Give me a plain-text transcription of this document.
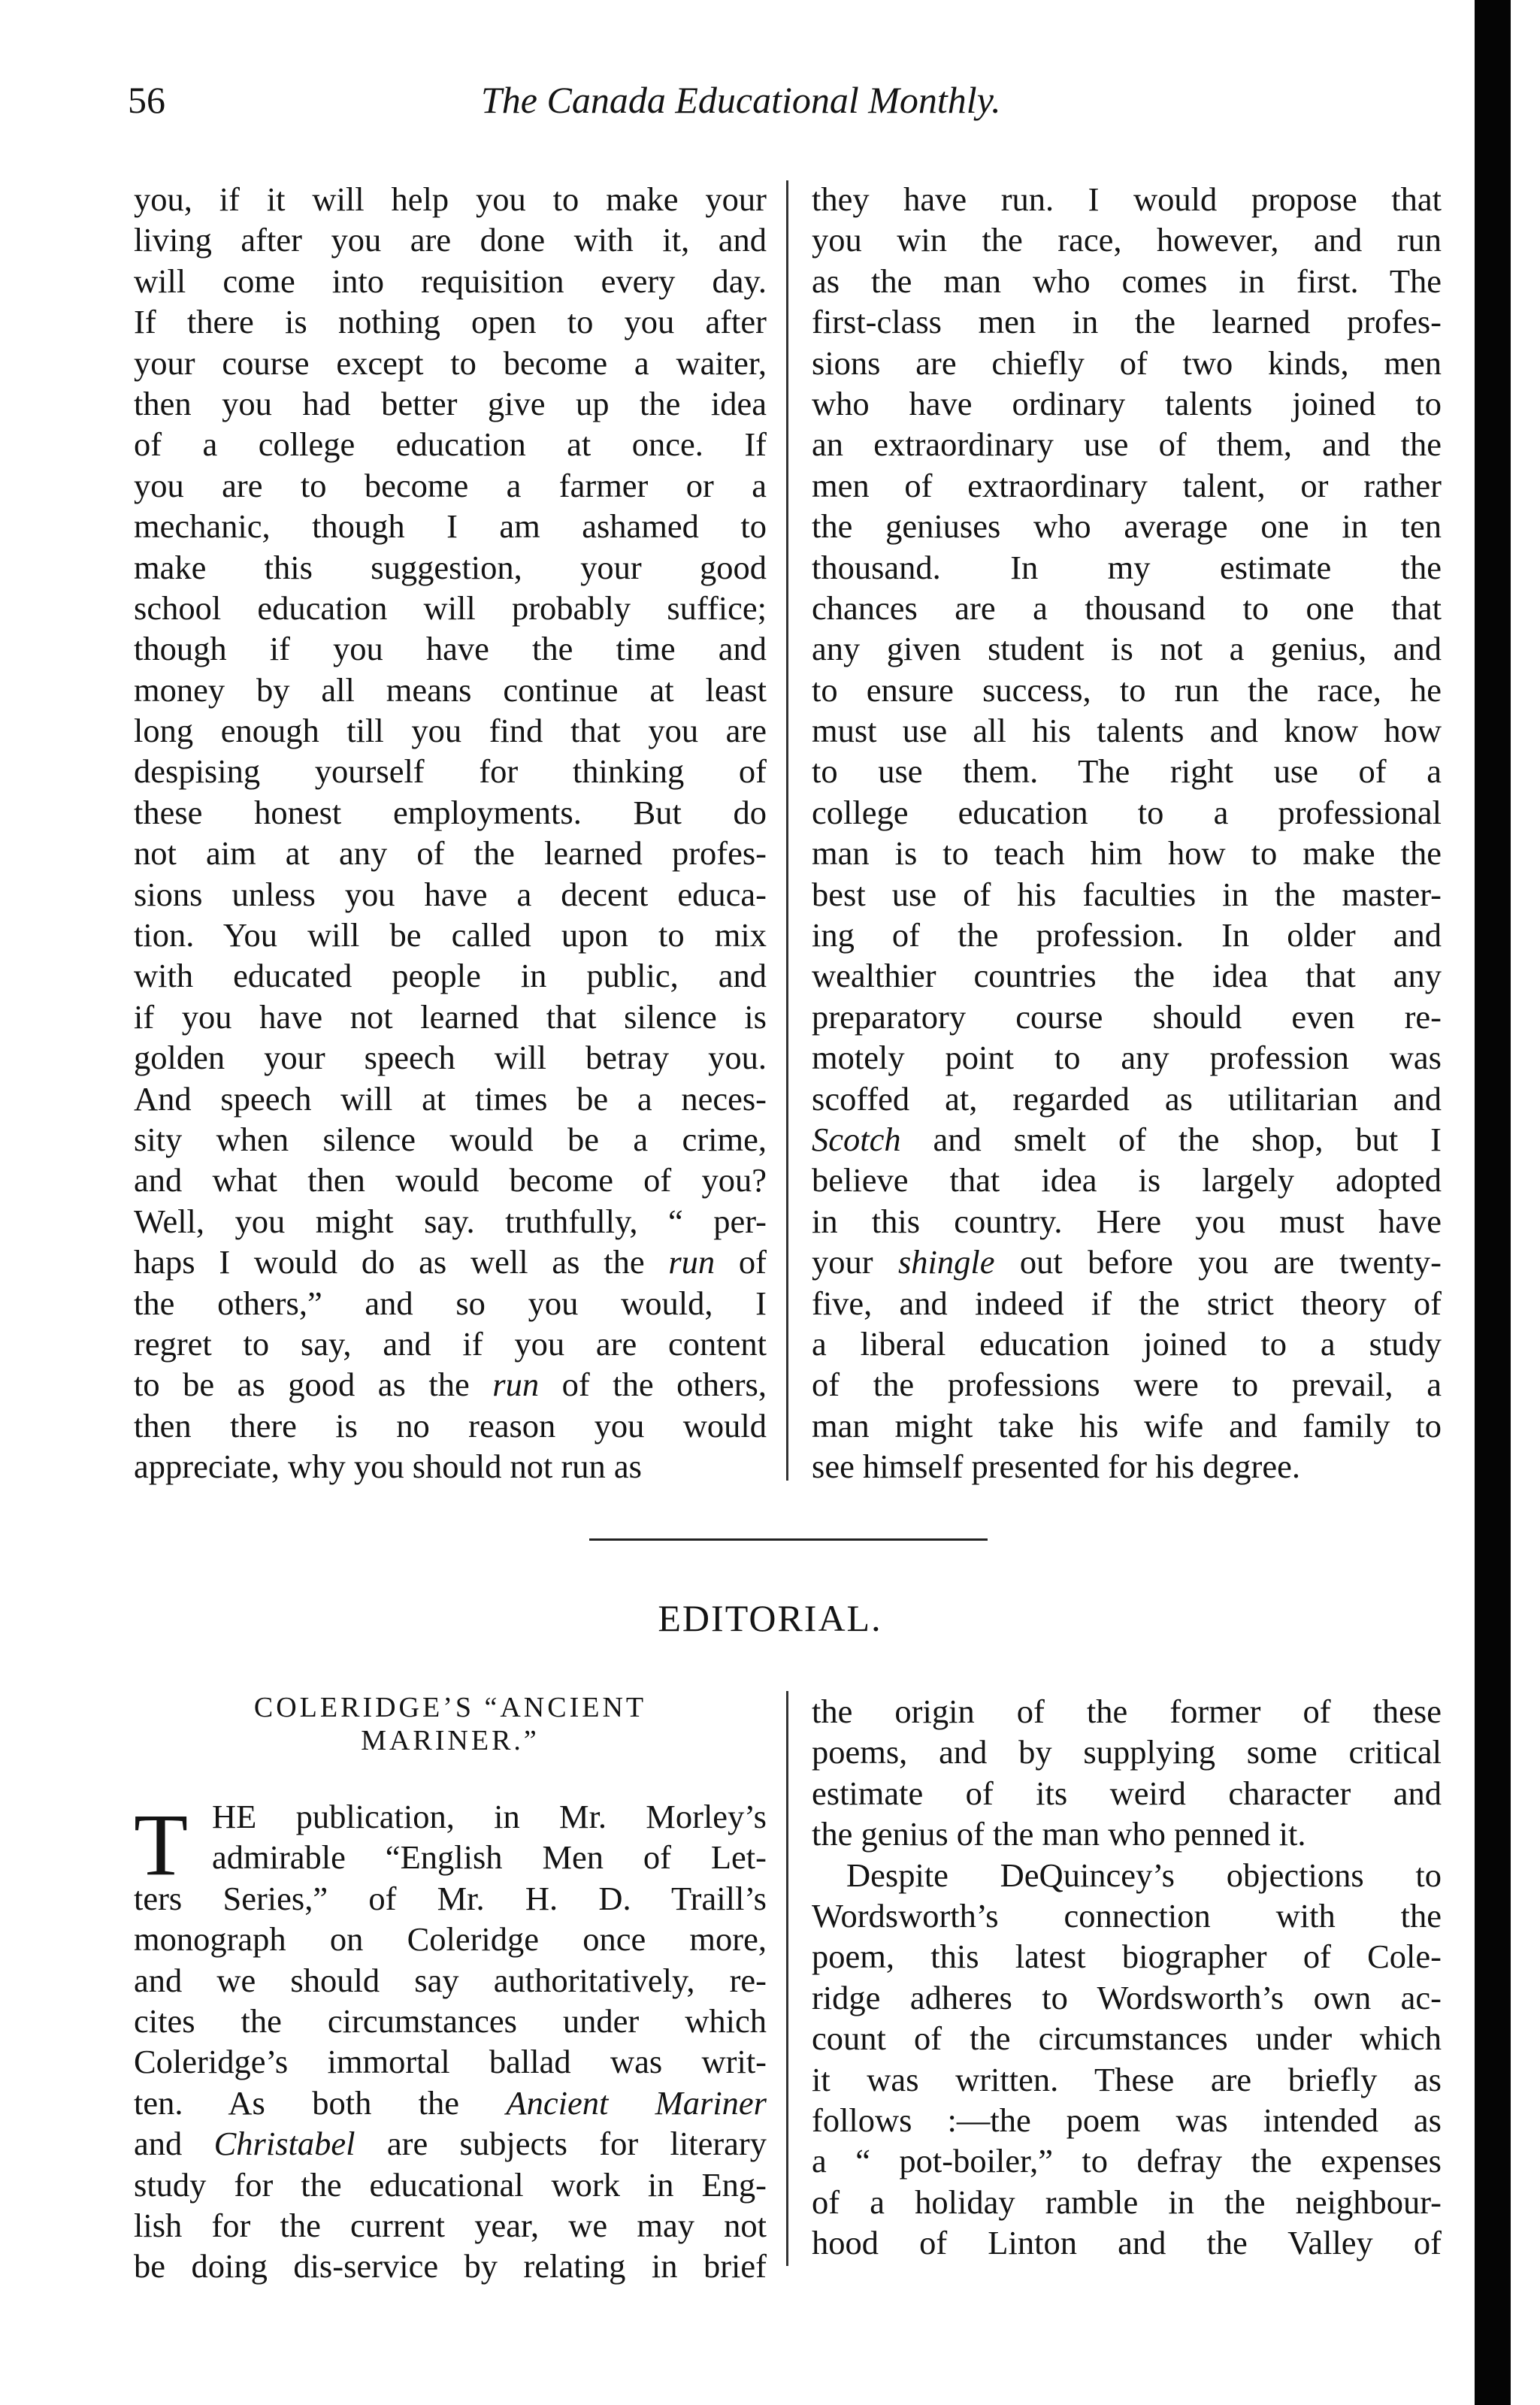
56	The Canada Educational Monthly.

you, if it will help you to make your

living after you are done with it, and

will come into requisition every day.

If there is nothing open to you after

your course except to become a waiter,

then you had better give up the idea

of a college education at once. If

you are to become a farmer or a

mechanic, though I am ashamed to

make this suggestion, your good

school education will probably suffice;

though if you have the time and

money by all means continue at least

long enough till you find that you are

despising yourself for thinking of

these honest employments. But do

not aim at any of the learned profes-

sions unless you have a decent educa-

tion. You will be called upon to mix

with educated people in public, and

if you have not learned that silence is

golden your speech will betray you.

And speech will at times be a neces-

sity when silence would be a crime,

and what then would become of you?

Well, you might say. truthfully, “ per-

haps I would do as well as the run of

the others,” and so you would, I

regret to say, and if you are content

to be as good as the run of the others,

then there is no reason you would

appreciate, why you should not run as

they have run. I would propose that

you win the race, however, and run

as the man who comes in first. The

first-class men in the learned profes-

sions are chiefly of two kinds, men

who have ordinary talents joined to

an extraordinary use of them, and the

men of extraordinary talent, or rather

the geniuses who average one in ten

thousand. In my estimate the

chances are a thousand to one that

any given student is not a genius, and

to ensure success, to run the race, he

must use all his talents and know how

to use them. The right use of a

college education to a professional

man is to teach him how to make the

best use of his faculties in the master-

ing of the profession. In older and

wealthier countries the idea that any

preparatory course should even re-

motely point to any profession was

scoffed at, regarded as utilitarian and

Scotch and smelt of the shop, but I

believe that idea is largely adopted

in this country. Here you must have

your shingle out before you are twenty-

five, and indeed if the strict theory of

a liberal education joined to a study

of the professions were to prevail, a

man might take his wife and family to

see himself presented for his degree.

EDITORIAL.
COLERIDGE’S “ANCIENT
MARINER.”
T HE publication, in Mr. Morley’s

admirable “English Men of Let-

ters Series,” of Mr. H. D. Traill’s

monograph on Coleridge once more,

and we should say authoritatively, re-

cites the circumstances under which

Coleridge’s immortal ballad was writ-

ten. As both the Ancient Mariner

and Christabel are subjects for literary

study for the educational work in Eng-

lish for the current year, we may not

be doing dis-service by relating in brief

the origin of the former of these

poems, and by supplying some critical

estimate of its weird character and

the genius of the man who penned it.

Despite DeQuincey’s objections to

Wordsworth’s connection with the

poem, this latest biographer of Cole-

ridge adheres to Wordsworth’s own ac-

count of the circumstances under which

it was written. These are briefly as

follows :—the poem was intended as

a “ pot-boiler,” to defray the expenses

of a holiday ramble in the neighbour-

hood of Linton and the Valley of
